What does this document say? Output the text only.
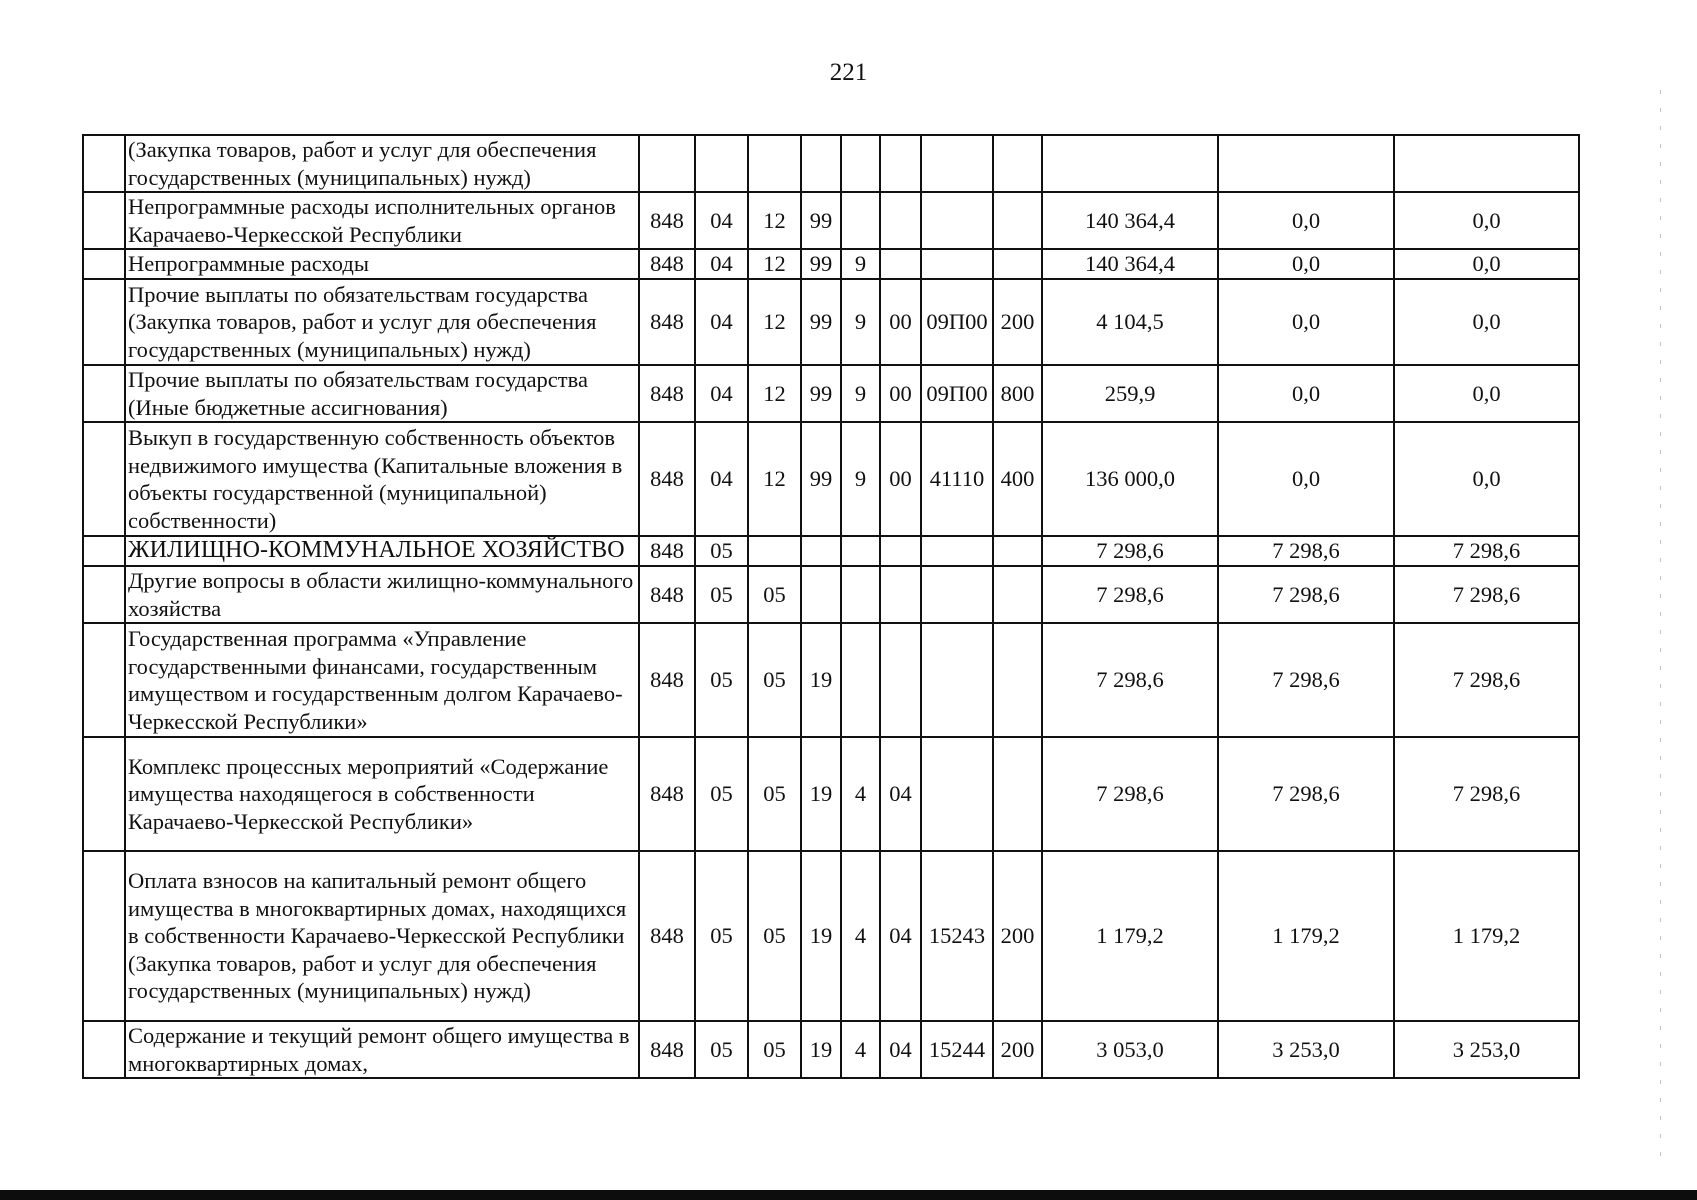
221
	(Закупка товаров, работ и услуг для обеспечения государственных (муниципальных) нужд)											
	Непрограммные расходы исполнительных органов Карачаево-Черкесской Республики	848	04	12	99					140 364,4	0,0	0,0
	Непрограммные расходы	848	04	12	99	9				140 364,4	0,0	0,0
	Прочие выплаты по обязательствам государства (Закупка товаров, работ и услуг для обеспечения государственных (муниципальных) нужд)	848	04	12	99	9	00	09П00	200	4 104,5	0,0	0,0
	Прочие выплаты по обязательствам государства (Иные бюджетные ассигнования)	848	04	12	99	9	00	09П00	800	259,9	0,0	0,0
	Выкуп в государственную собственность объектов недвижимого имущества (Капитальные вложения в объекты государственной (муниципальной) собственности)	848	04	12	99	9	00	41110	400	136 000,0	0,0	0,0
	ЖИЛИЩНО-КОММУНАЛЬНОЕ ХОЗЯЙСТВО	848	05							7 298,6	7 298,6	7 298,6
	Другие вопросы в области жилищно-коммунального хозяйства	848	05	05						7 298,6	7 298,6	7 298,6
	Государственная программа «Управление государственными финансами, государственным имуществом и государственным долгом Карачаево-Черкесской Республики»	848	05	05	19					7 298,6	7 298,6	7 298,6
	Комплекс процессных мероприятий «Содержание имущества находящегося в собственности Карачаево-Черкесской Республики»	848	05	05	19	4	04			7 298,6	7 298,6	7 298,6
	Оплата взносов на капитальный ремонт общего имущества в многоквартирных домах, находящихся в собственности Карачаево-Черкесской Республики (Закупка товаров, работ и услуг для обеспечения государственных (муниципальных) нужд)	848	05	05	19	4	04	15243	200	1 179,2	1 179,2	1 179,2
	Содержание и текущий ремонт общего имущества в многоквартирных домах,	848	05	05	19	4	04	15244	200	3 053,0	3 253,0	3 253,0
